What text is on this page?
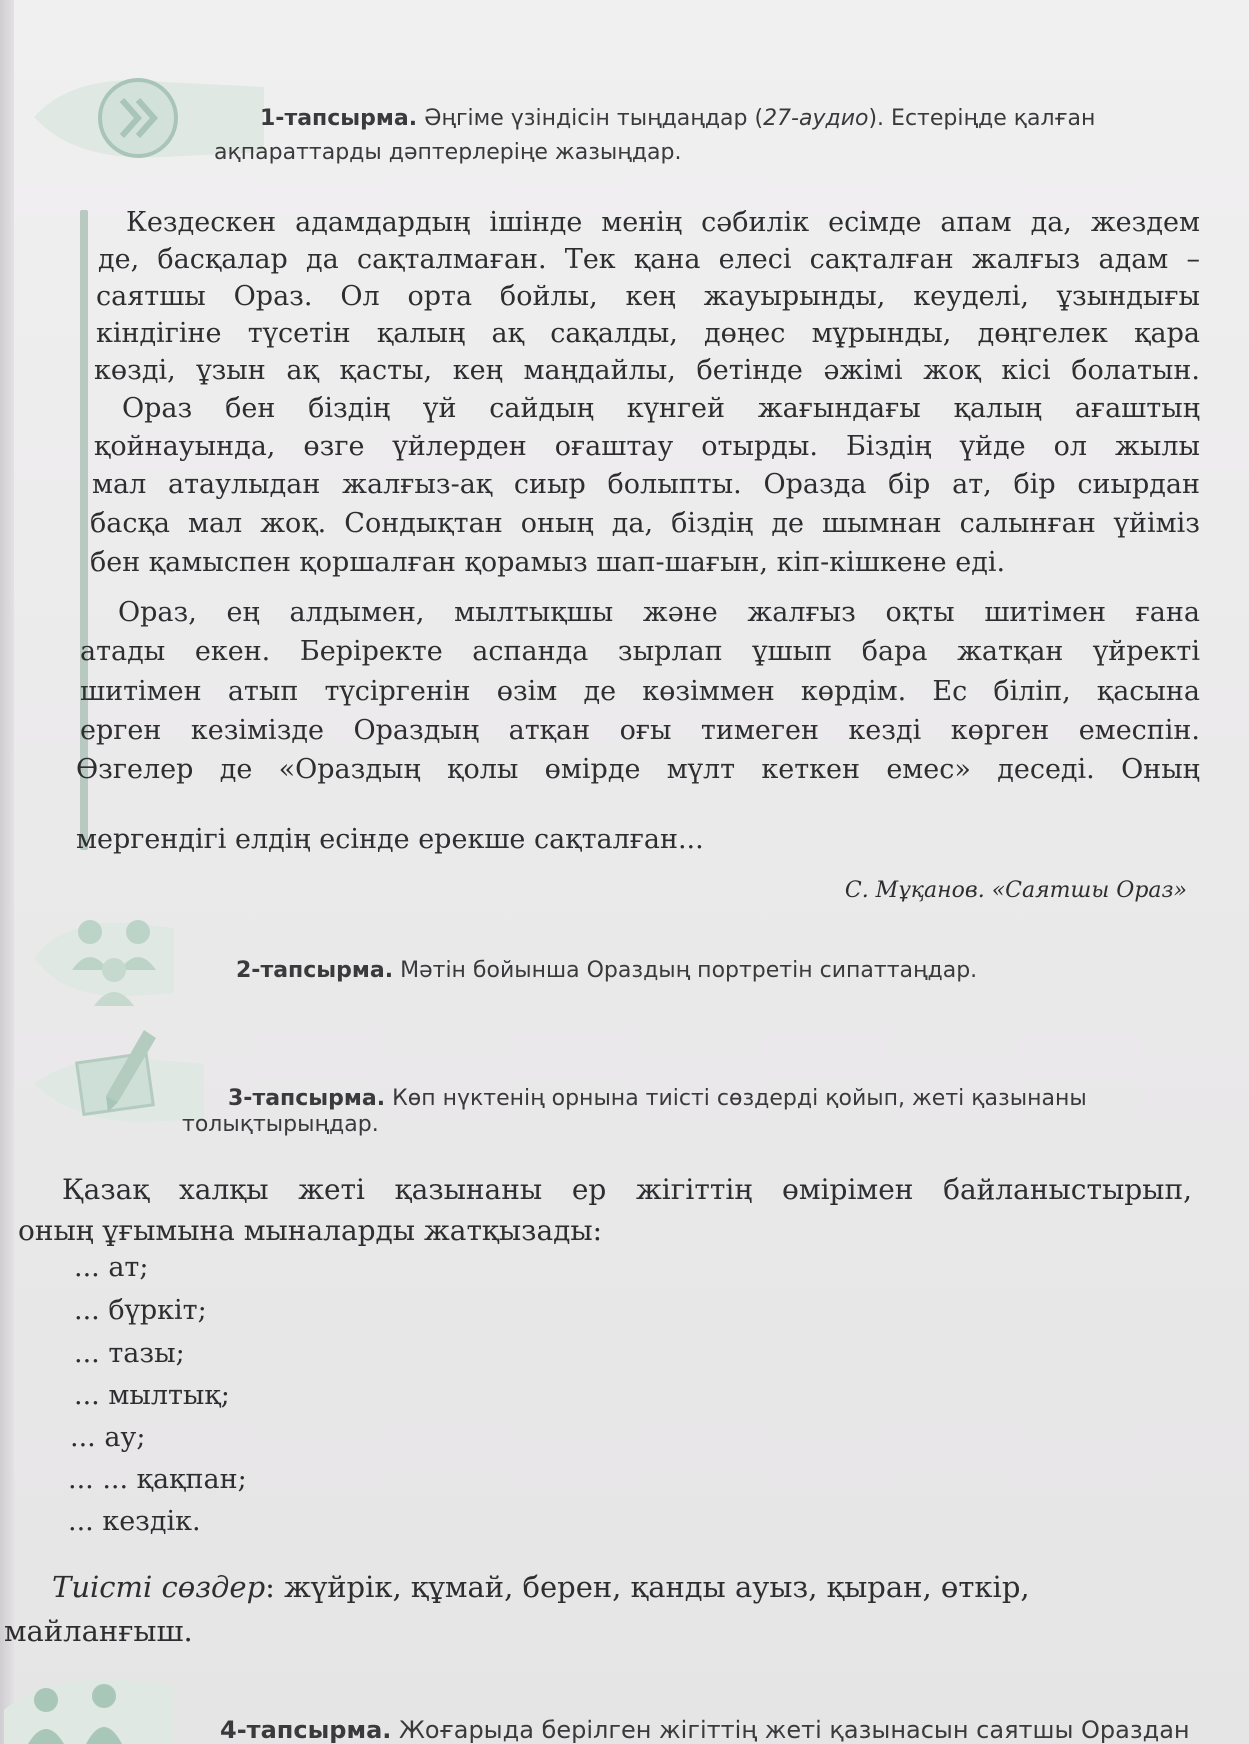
1-тапсырма. Әңгіме үзіндісін тыңдаңдар (27-аудио). Естеріңде қалған
ақпараттарды дәптерлеріңе жазыңдар.
Кездескен адамдардың ішінде менің сәбилік есімде апам да, жездем
де, басқалар да сақталмаған. Тек қана елесі сақталған жалғыз адам –
саятшы Ораз. Ол орта бойлы, кең жауырынды, кеуделі, ұзындығы
кіндігіне түсетін қалың ақ сақалды, дөңес мұрынды, дөңгелек қара
көзді, ұзын ақ қасты, кең маңдайлы, бетінде әжімі жоқ кісі болатын.
Ораз бен біздің үй сайдың күнгей жағындағы қалың ағаштың
қойнауында, өзге үйлерден оғаштау отырды. Біздің үйде ол жылы
мал атаулыдан жалғыз-ақ сиыр болыпты. Оразда бір ат, бір сиырдан
басқа мал жоқ. Сондықтан оның да, біздің де шымнан салынған үйіміз
бен қамыспен қоршалған қорамыз шап-шағын, кіп-кішкене еді.
Ораз, ең алдымен, мылтықшы және жалғыз оқты шитімен ғана
атады екен. Беріректе аспанда зырлап ұшып бара жатқан үйректі
шитімен атып түсіргенін өзім де көзіммен көрдім. Ес біліп, қасына
ерген кезімізде Ораздың атқан оғы тимеген кезді көрген емеспін.
Өзгелер де «Ораздың қолы өмірде мүлт кеткен емес» деседі. Оның
мергендігі елдің есінде ерекше сақталған...
С. Мұқанов. «Саятшы Ораз»
2-тапсырма. Мәтін бойынша Ораздың портретін сипаттаңдар.
3-тапсырма. Көп нүктенің орнына тиісті сөздерді қойып, жеті қазынаны
толықтырыңдар.
Қазақ халқы жеті қазынаны ер жігіттің өмірімен байланыстырып,
оның ұғымына мыналарды жатқызады:
... ат;
... бүркіт;
... тазы;
... мылтық;
... ау;
... ... қақпан;
... кездік.
Тиісті сөздер: жүйрік, құмай, берен, қанды ауыз, қыран, өткір,
майланғыш.
4-тапсырма. Жоғарыда берілген жігіттің жеті қазынасын саятшы Ораздан
